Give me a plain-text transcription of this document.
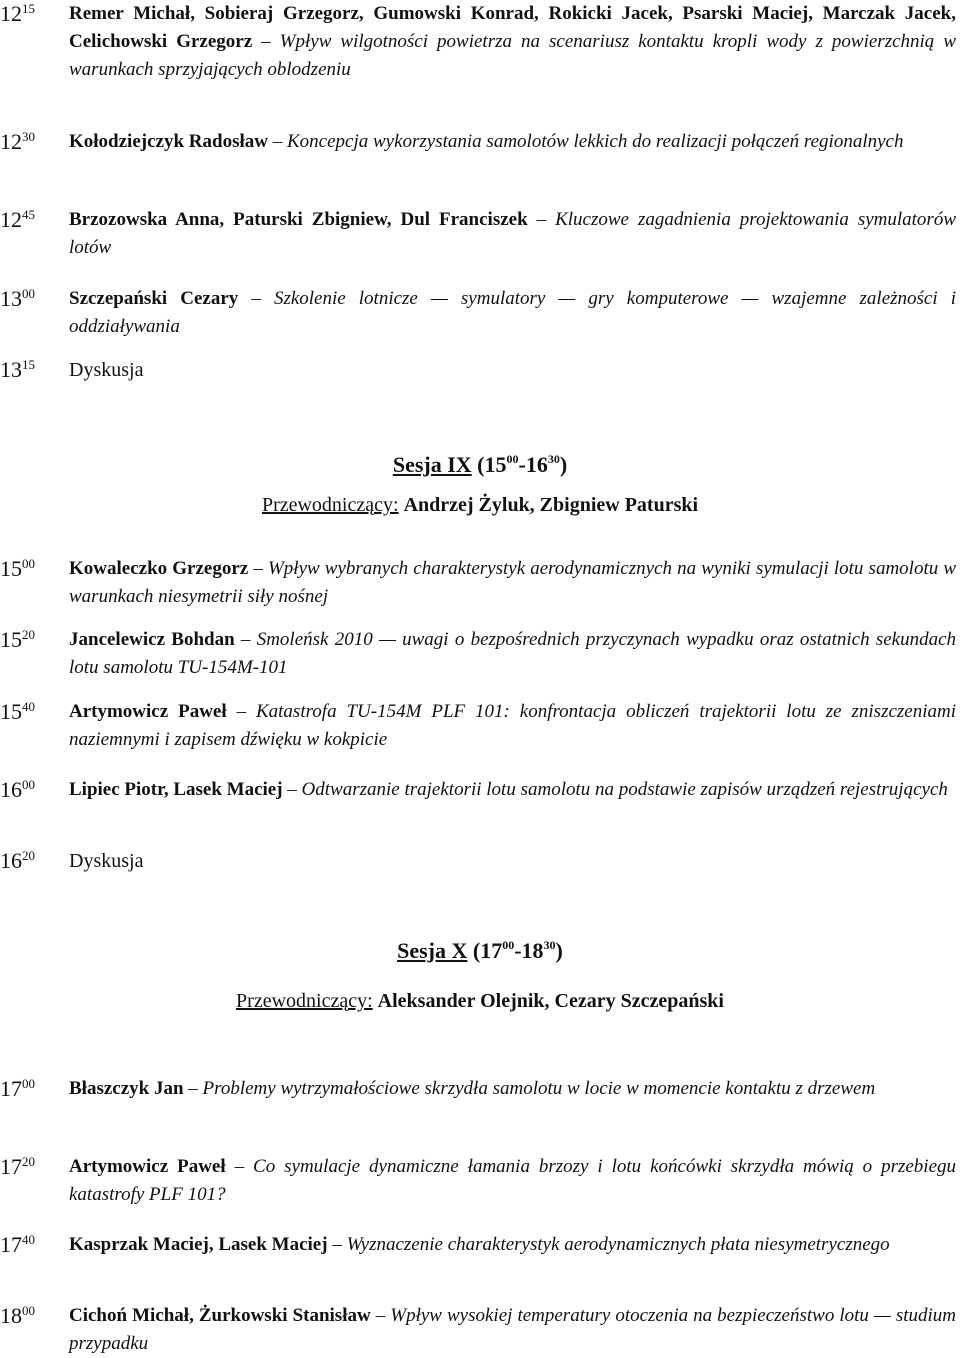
$12^{15}$	Remer Michał, Sobieraj Grzegorz, Gumowski Konrad, Rokicki Jacek, Psarski Maciej, Marczak Jacek, Celichowski Grzegorz – Wpływ wilgotności powietrza na scenariusz kontaktu kropli wody z powierzchnią w warunkach sprzyjających oblodzeniu
$12^{30}$	Kołodziejczyk Radosław – Koncepcja wykorzystania samolotów lekkich do realizacji połączeń regionalnych
$12^{45}$	Brzozowska Anna, Paturski Zbigniew, Dul Franciszek – Kluczowe zagadnienia projektowania symulatorów lotów
$13^{00}$	Szczepański Cezary – Szkolenie lotnicze — symulatory — gry komputerowe — wzajemne zależności i oddziaływania
$13^{15}$	Dyskusja
Sesja IX $(15^{00}-16^{30})$
Przewodniczący: Andrzej Żyluk, Zbigniew Paturski
$15^{00}$	Kowaleczko Grzegorz – Wpływ wybranych charakterystyk aerodynamicznych na wyniki symulacji lotu samolotu w warunkach niesymetrii siły nośnej
$15^{20}$	Jancelewicz Bohdan – Smoleńsk 2010 — uwagi o bezpośrednich przyczynach wypadku oraz ostatnich sekundach lotu samolotu TU-154M-101
$15^{40}$	Artymowicz Paweł – Katastrofa TU-154M PLF 101: konfrontacja obliczeń trajektorii lotu ze zniszczeniami naziemnymi i zapisem dźwięku w kokpicie
$16^{00}$	Lipiec Piotr, Lasek Maciej – Odtwarzanie trajektorii lotu samolotu na podstawie zapisów urządzeń rejestrujących
$16^{20}$	Dyskusja
Sesja X $(17^{00}-18^{30})$
Przewodniczący: Aleksander Olejnik, Cezary Szczepański
$17^{00}$	Błaszczyk Jan – Problemy wytrzymałościowe skrzydła samolotu w locie w momencie kontaktu z drzewem
$17^{20}$	Artymowicz Paweł – Co symulacje dynamiczne łamania brzozy i lotu końcówki skrzydła mówią o przebiegu katastrofy PLF 101?
$17^{40}$	Kasprzak Maciej, Lasek Maciej – Wyznaczenie charakterystyk aerodynamicznych płata niesymetrycznego
$18^{00}$	Cichoń Michał, Żurkowski Stanisław – Wpływ wysokiej temperatury otoczenia na bezpieczeństwo lotu — studium przypadku
